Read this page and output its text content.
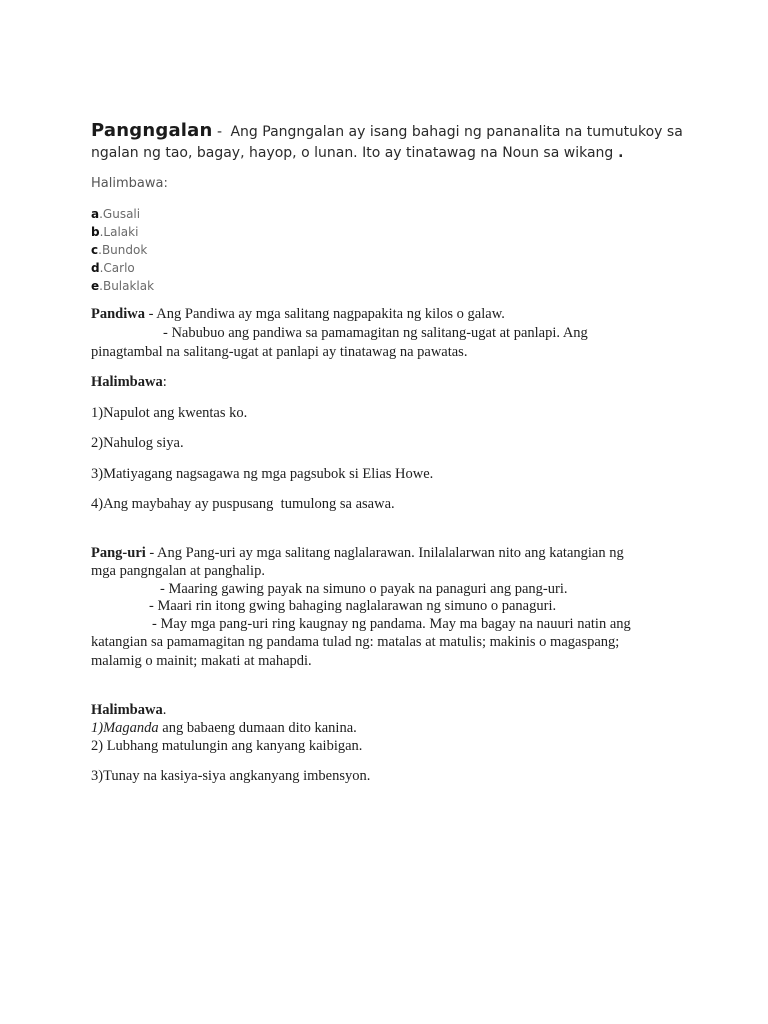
Pangngalan - Ang Pangngalan ay isang bahagi ng pananalita na tumutukoy sa
ngalan ng tao, bagay, hayop, o lunan. Ito ay tinatawag na Noun sa wikang .
Halimbawa:
a.Gusali
b.Lalaki
c.Bundok
d.Carlo
e.Bulaklak
Pandiwa - Ang Pandiwa ay mga salitang nagpapakita ng kilos o galaw.
- Nabubuo ang pandiwa sa pamamagitan ng salitang-ugat at panlapi. Ang
pinagtambal na salitang-ugat at panlapi ay tinatawag na pawatas.
Halimbawa:
1)Napulot ang kwentas ko.
2)Nahulog siya.
3)Matiyagang nagsagawa ng mga pagsubok si Elias Howe.
4)Ang maybahay ay puspusang  tumulong sa asawa.
Pang-uri - Ang Pang-uri ay mga salitang naglalarawan. Inilalalarwan nito ang katangian ng
mga pangngalan at panghalip.
- Maaring gawing payak na simuno o payak na panaguri ang pang-uri.
- Maari rin itong gwing bahaging naglalarawan ng simuno o panaguri.
- May mga pang-uri ring kaugnay ng pandama. May ma bagay na nauuri natin ang
katangian sa pamamagitan ng pandama tulad ng: matalas at matulis; makinis o magaspang;
malamig o mainit; makati at mahapdi.
Halimbawa.
1)Maganda ang babaeng dumaan dito kanina.
2) Lubhang matulungin ang kanyang kaibigan.
3)Tunay na kasiya-siya angkanyang imbensyon.
